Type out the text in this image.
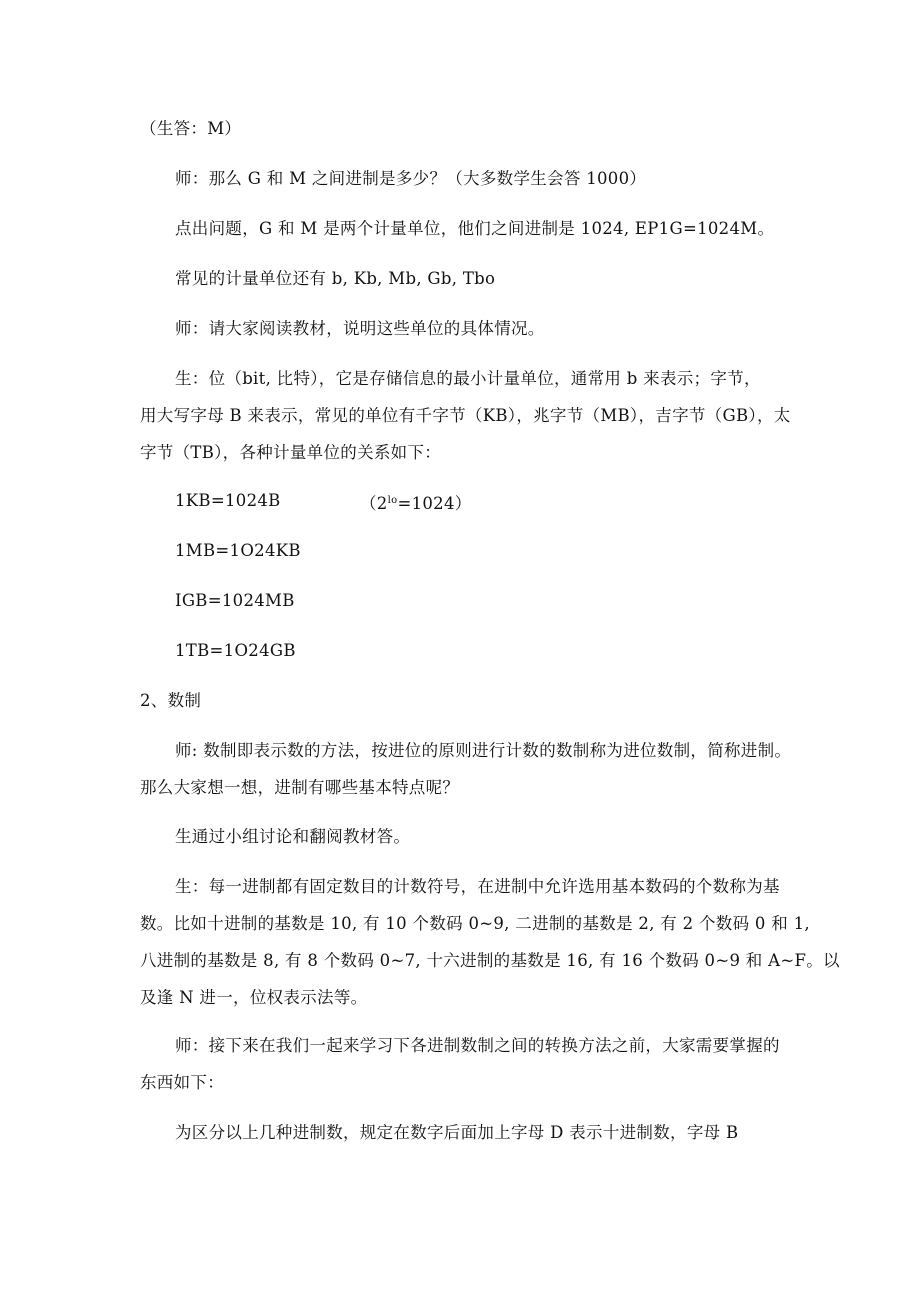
（生答：M）
师：那么 G 和 M 之间进制是多少？（大多数学生会答 1000）
点出问题，G 和 M 是两个计量单位，他们之间进制是 1024, EP1G=1024M。
常见的计量单位还有 b, Kb, Mb, Gb, Tbo
师：请大家阅读教材，说明这些单位的具体情况。
生：位（bit, 比特），它是存储信息的最小计量单位，通常用 b 来表示；字节，
用大写字母 B 来表示，常见的单位有千字节（KB），兆字节（MB），吉字节（GB），太
字节（TB），各种计量单位的关系如下：
1KB=1024B	$(2^{lo}=1024)$
1MB=1O24KB
IGB=1024MB
1TB=1O24GB
2、数制
师: 数制即表示数的方法，按进位的原则进行计数的数制称为进位数制，简称进制。
那么大家想一想，进制有哪些基本特点呢？
生通过小组讨论和翻阅教材答。
生：每一进制都有固定数目的计数符号，在进制中允许选用基本数码的个数称为基
数。比如十进制的基数是 10, 有 10 个数码 0~9, 二进制的基数是 2, 有 2 个数码 0 和 1,
八进制的基数是 8, 有 8 个数码 0~7, 十六进制的基数是 16, 有 16 个数码 0~9 和 A~F。以
及逢 N 进一，位权表示法等。
师：接下来在我们一起来学习下各进制数制之间的转换方法之前，大家需要掌握的
东西如下：
为区分以上几种进制数，规定在数字后面加上字母 D 表示十进制数，字母 B
